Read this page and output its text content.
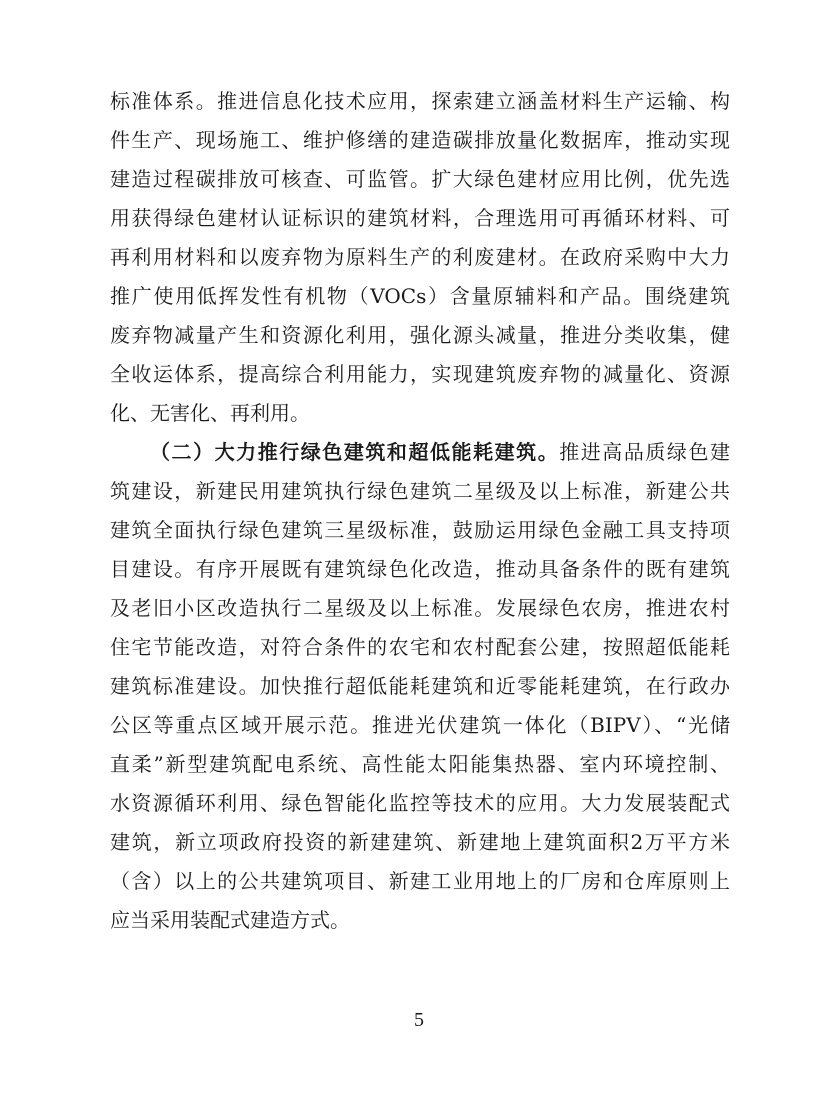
标准体系。推进信息化技术应用，探索建立涵盖材料生产运输、构
件生产、现场施工、维护修缮的建造碳排放量化数据库，推动实现
建造过程碳排放可核查、可监管。扩大绿色建材应用比例，优先选
用获得绿色建材认证标识的建筑材料，合理选用可再循环材料、可
再利用材料和以废弃物为原料生产的利废建材。在政府采购中大力
推广使用低挥发性有机物（VOCs）含量原辅料和产品。围绕建筑
废弃物减量产生和资源化利用，强化源头减量，推进分类收集，健
全收运体系，提高综合利用能力，实现建筑废弃物的减量化、资源
化、无害化、再利用。
（二）大力推行绿色建筑和超低能耗建筑。推进高品质绿色建
筑建设，新建民用建筑执行绿色建筑二星级及以上标准，新建公共
建筑全面执行绿色建筑三星级标准，鼓励运用绿色金融工具支持项
目建设。有序开展既有建筑绿色化改造，推动具备条件的既有建筑
及老旧小区改造执行二星级及以上标准。发展绿色农房，推进农村
住宅节能改造，对符合条件的农宅和农村配套公建，按照超低能耗
建筑标准建设。加快推行超低能耗建筑和近零能耗建筑，在行政办
公区等重点区域开展示范。推进光伏建筑一体化（BIPV）、“光储
直柔”新型建筑配电系统、高性能太阳能集热器、室内环境控制、
水资源循环利用、绿色智能化监控等技术的应用。大力发展装配式
建筑，新立项政府投资的新建建筑、新建地上建筑面积2万平方米
（含）以上的公共建筑项目、新建工业用地上的厂房和仓库原则上
应当采用装配式建造方式。
5
